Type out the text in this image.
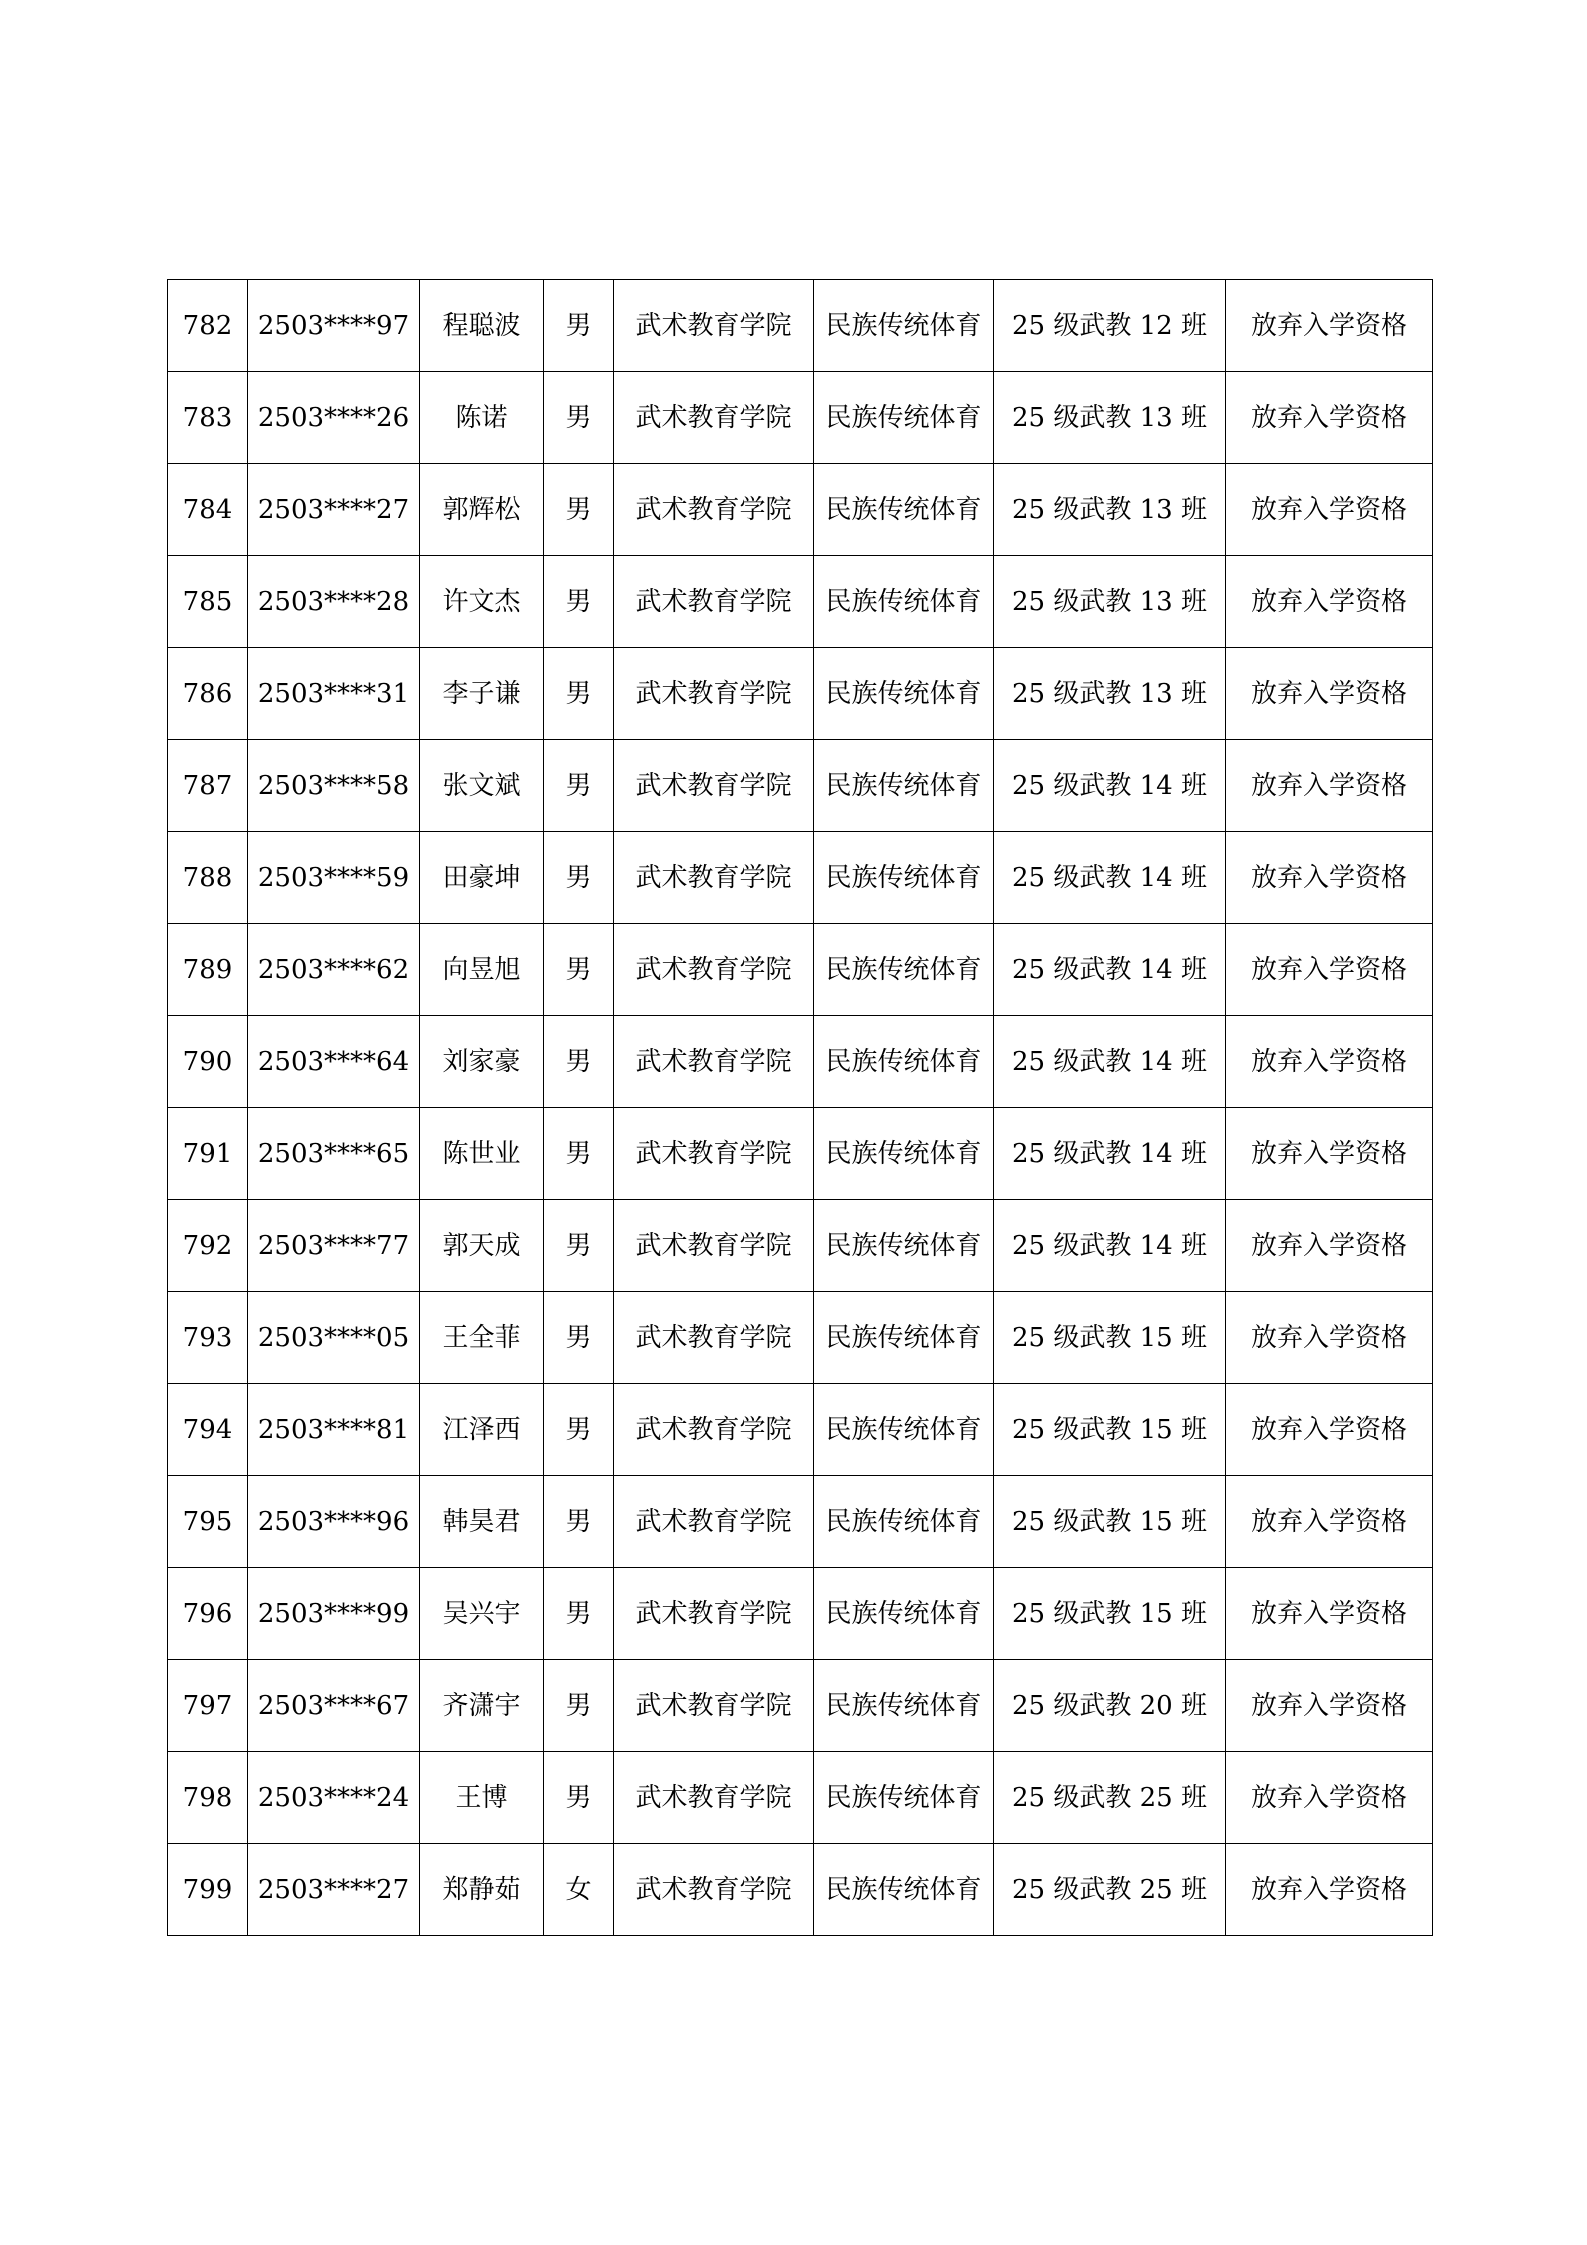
782	2503****97	程聪波	男	武术教育学院	民族传统体育	25 级武教 12 班	放弃入学资格
783	2503****26	陈诺	男	武术教育学院	民族传统体育	25 级武教 13 班	放弃入学资格
784	2503****27	郭辉松	男	武术教育学院	民族传统体育	25 级武教 13 班	放弃入学资格
785	2503****28	许文杰	男	武术教育学院	民族传统体育	25 级武教 13 班	放弃入学资格
786	2503****31	李子谦	男	武术教育学院	民族传统体育	25 级武教 13 班	放弃入学资格
787	2503****58	张文斌	男	武术教育学院	民族传统体育	25 级武教 14 班	放弃入学资格
788	2503****59	田豪坤	男	武术教育学院	民族传统体育	25 级武教 14 班	放弃入学资格
789	2503****62	向昱旭	男	武术教育学院	民族传统体育	25 级武教 14 班	放弃入学资格
790	2503****64	刘家豪	男	武术教育学院	民族传统体育	25 级武教 14 班	放弃入学资格
791	2503****65	陈世业	男	武术教育学院	民族传统体育	25 级武教 14 班	放弃入学资格
792	2503****77	郭天成	男	武术教育学院	民族传统体育	25 级武教 14 班	放弃入学资格
793	2503****05	王全菲	男	武术教育学院	民族传统体育	25 级武教 15 班	放弃入学资格
794	2503****81	江泽西	男	武术教育学院	民族传统体育	25 级武教 15 班	放弃入学资格
795	2503****96	韩昊君	男	武术教育学院	民族传统体育	25 级武教 15 班	放弃入学资格
796	2503****99	吴兴宇	男	武术教育学院	民族传统体育	25 级武教 15 班	放弃入学资格
797	2503****67	齐潇宇	男	武术教育学院	民族传统体育	25 级武教 20 班	放弃入学资格
798	2503****24	王博	男	武术教育学院	民族传统体育	25 级武教 25 班	放弃入学资格
799	2503****27	郑静茹	女	武术教育学院	民族传统体育	25 级武教 25 班	放弃入学资格
